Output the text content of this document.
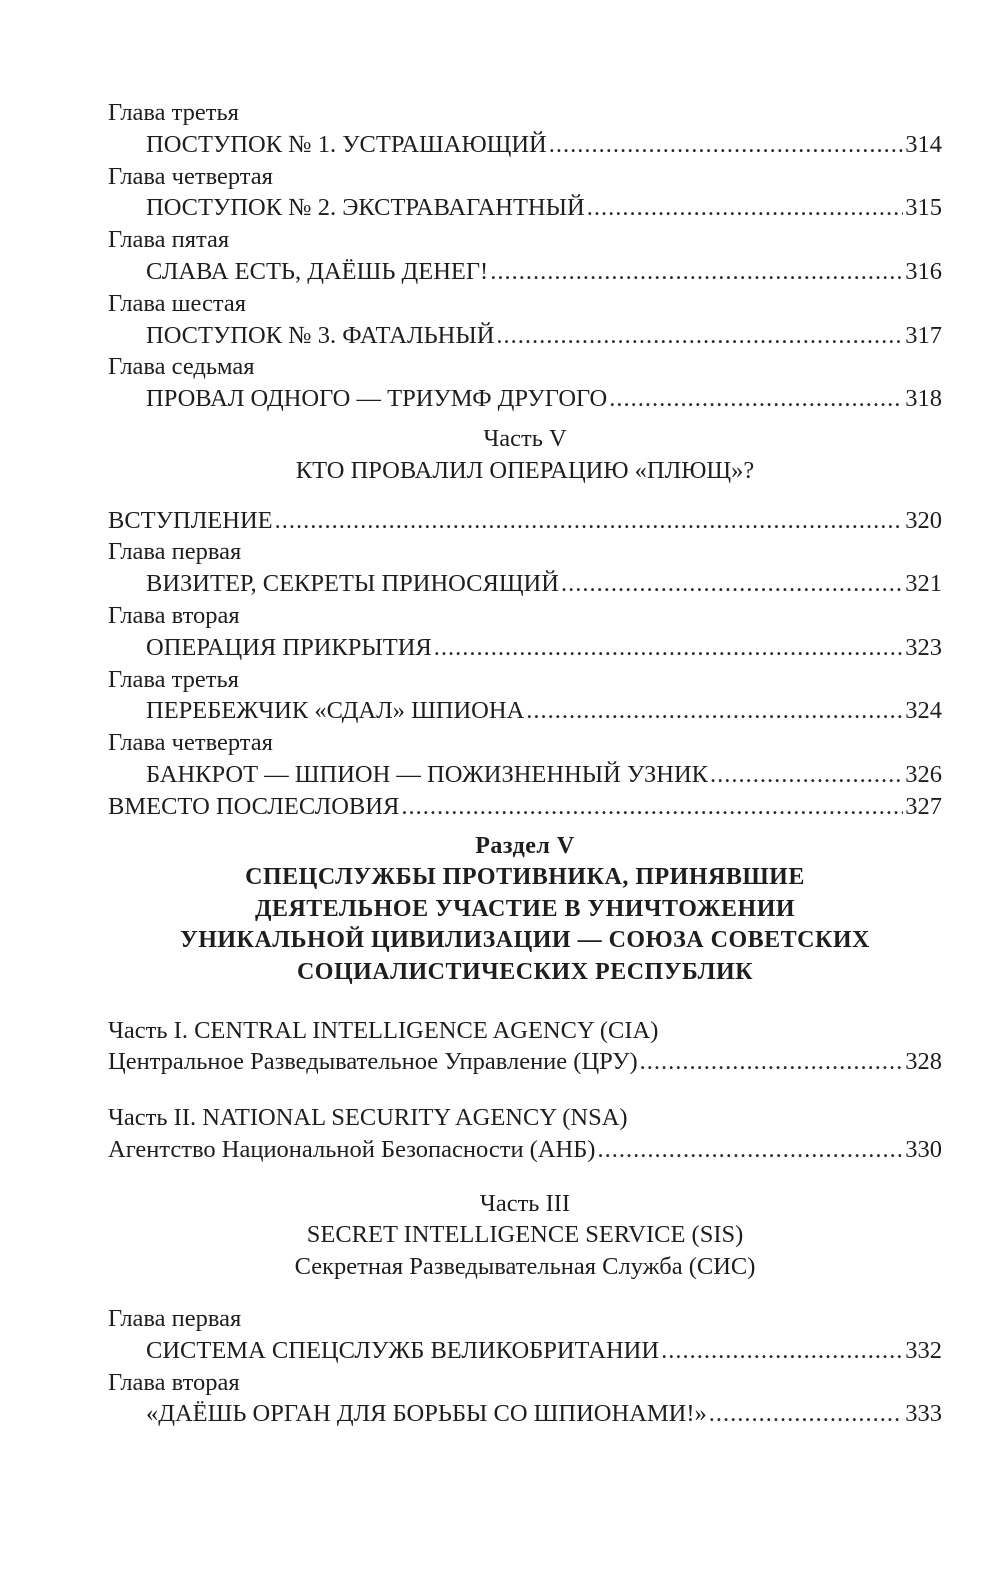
Глава третья

ПОСТУПОК № 1. УСТРАШАЮЩИЙ .....	314

Глава четвертая

ПОСТУПОК № 2. ЭКСТРАВАГАНТНЫЙ .....	315

Глава пятая

СЛАВА ЕСТЬ, ДАЁШЬ ДЕНЕГ! .....	316

Глава шестая

ПОСТУПОК № 3. ФАТАЛЬНЫЙ .....	317

Глава седьмая

ПРОВАЛ ОДНОГО — ТРИУМФ ДРУГОГО .....	318
Часть V
КТО ПРОВАЛИЛ ОПЕРАЦИЮ «ПЛЮЩ»?
ВСТУПЛЕНИЕ .....	320

Глава первая

ВИЗИТЕР, СЕКРЕТЫ ПРИНОСЯЩИЙ .....	321

Глава вторая

ОПЕРАЦИЯ ПРИКРЫТИЯ .....	323

Глава третья

ПЕРЕБЕЖЧИК «СДАЛ» ШПИОНА .....	324

Глава четвертая

БАНКРОТ — ШПИОН — ПОЖИЗНЕННЫЙ УЗНИК .....	326
ВМЕСТО ПОСЛЕСЛОВИЯ .....	327
Раздел V
СПЕЦСЛУЖБЫ ПРОТИВНИКА, ПРИНЯВШИЕ
ДЕЯТЕЛЬНОЕ УЧАСТИЕ В УНИЧТОЖЕНИИ
УНИКАЛЬНОЙ ЦИВИЛИЗАЦИИ — СОЮЗА СОВЕТСКИХ
СОЦИАЛИСТИЧЕСКИХ РЕСПУБЛИК

Часть I. CENTRAL INTELLIGENCE AGENCY (CIA)

Центральное Разведывательное Управление (ЦРУ) .....	328

Часть II. NATIONAL SECURITY AGENCY (NSA)

Агентство Национальной Безопасности (АНБ) .....	330
Часть III
SECRET INTELLIGENCE SERVICE (SIS)
Секретная Разведывательная Служба (СИС)

Глава первая

СИСТЕМА СПЕЦСЛУЖБ ВЕЛИКОБРИТАНИИ .....	332

Глава вторая

«ДАЁШЬ ОРГАН ДЛЯ БОРЬБЫ СО ШПИОНАМИ!» .....	333
